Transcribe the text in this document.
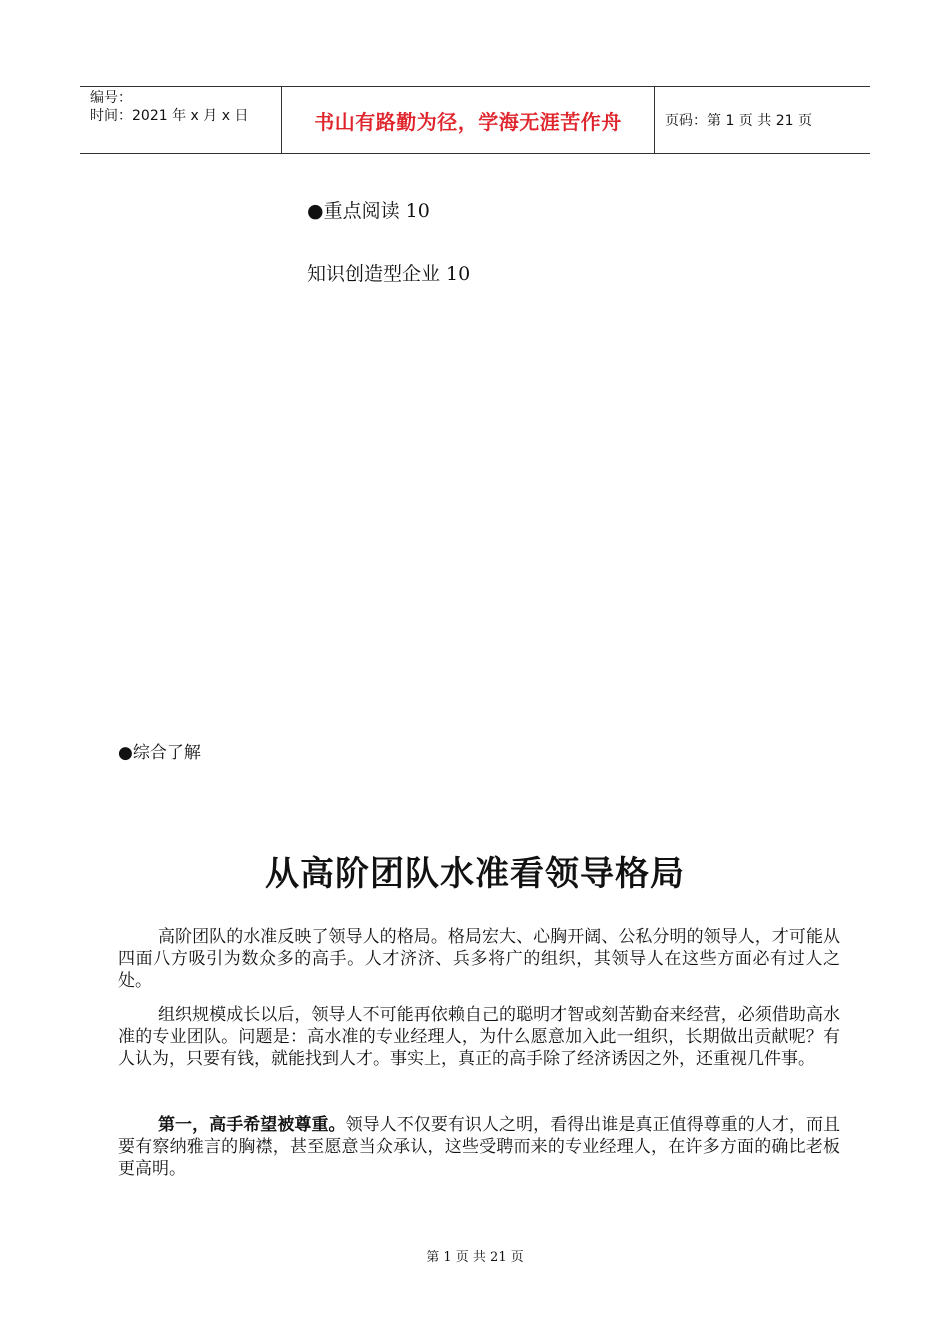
编号：
时间：2021 年 x 月 x 日	书山有路勤为径，学海无涯苦作舟	页码：第 1 页 共 21 页
●重点阅读 10
知识创造型企业 10
●综合了解
从高阶团队水准看领导格局
高阶团队的水准反映了领导人的格局。格局宏大、心胸开阔、公私分明的领导人，才可能从四面八方吸引为数众多的高手。人才济济、兵多将广的组织，其领导人在这些方面必有过人之处。
组织规模成长以后，领导人不可能再依赖自己的聪明才智或刻苦勤奋来经营，必须借助高水准的专业团队。问题是：高水准的专业经理人，为什么愿意加入此一组织，长期做出贡献呢？有人认为，只要有钱，就能找到人才。事实上，真正的高手除了经济诱因之外，还重视几件事。
第一，高手希望被尊重。领导人不仅要有识人之明，看得出谁是真正值得尊重的人才，而且要有察纳雅言的胸襟，甚至愿意当众承认，这些受聘而来的专业经理人，在许多方面的确比老板更高明。
第 1 页 共 21 页
